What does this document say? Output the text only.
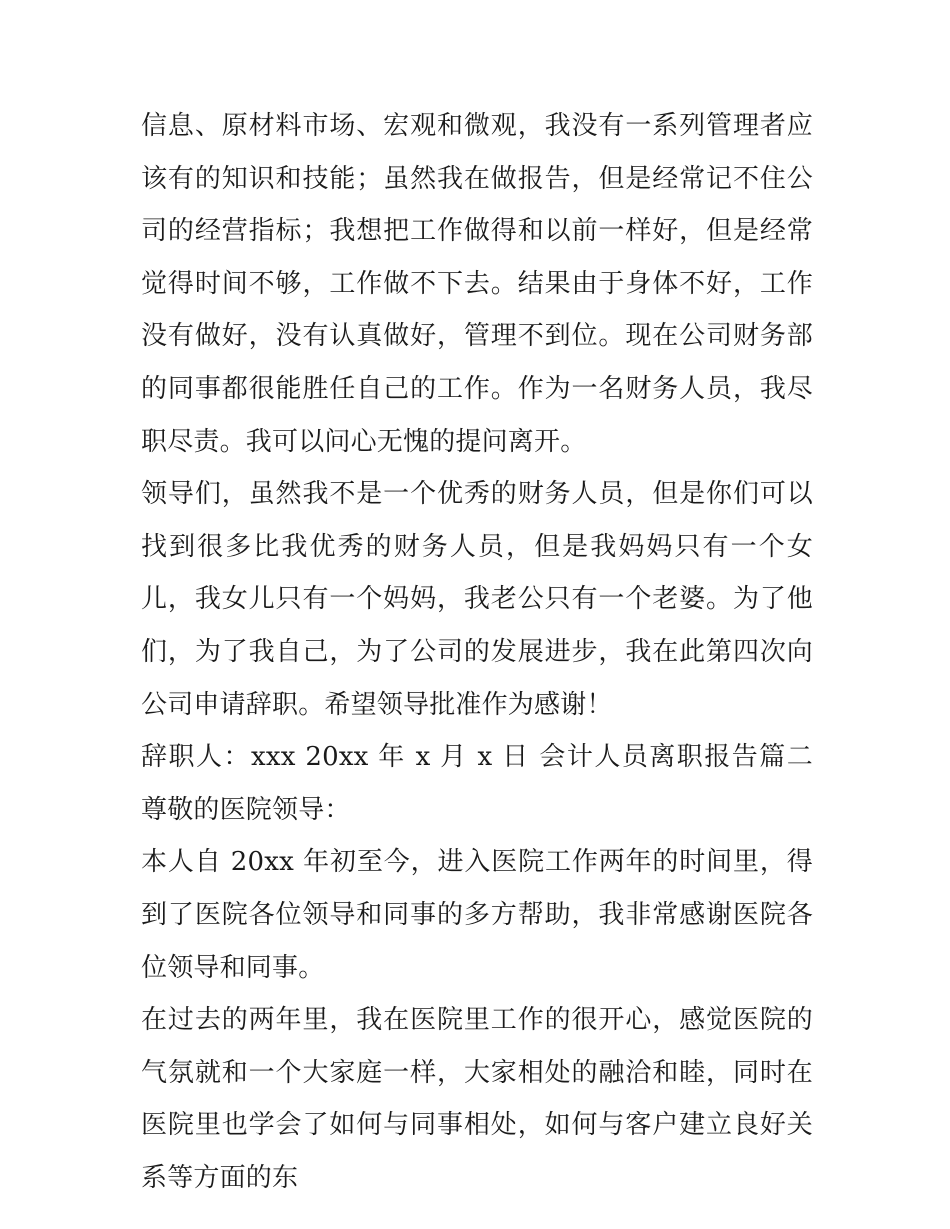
信息、原材料市场、宏观和微观，我没有一系列管理者应该有的知识和技能；虽然我在做报告，但是经常记不住公司的经营指标；我想把工作做得和以前一样好，但是经常觉得时间不够，工作做不下去。结果由于身体不好，工作没有做好，没有认真做好，管理不到位。现在公司财务部的同事都很能胜任自己的工作。作为一名财务人员，我尽职尽责。我可以问心无愧的提问离开。

领导们，虽然我不是一个优秀的财务人员，但是你们可以找到很多比我优秀的财务人员，但是我妈妈只有一个女儿，我女儿只有一个妈妈，我老公只有一个老婆。为了他们，为了我自己，为了公司的发展进步，我在此第四次向公司申请辞职。希望领导批准作为感谢！

辞职人：xxx 20xx 年 x 月 x 日 会计人员离职报告篇二 尊敬的医院领导：

本人自 20xx 年初至今，进入医院工作两年的时间里，得到了医院各位领导和同事的多方帮助，我非常感谢医院各位领导和同事。

在过去的两年里，我在医院里工作的很开心，感觉医院的气氛就和一个大家庭一样，大家相处的融洽和睦，同时在医院里也学会了如何与同事相处，如何与客户建立良好关系等方面的东
